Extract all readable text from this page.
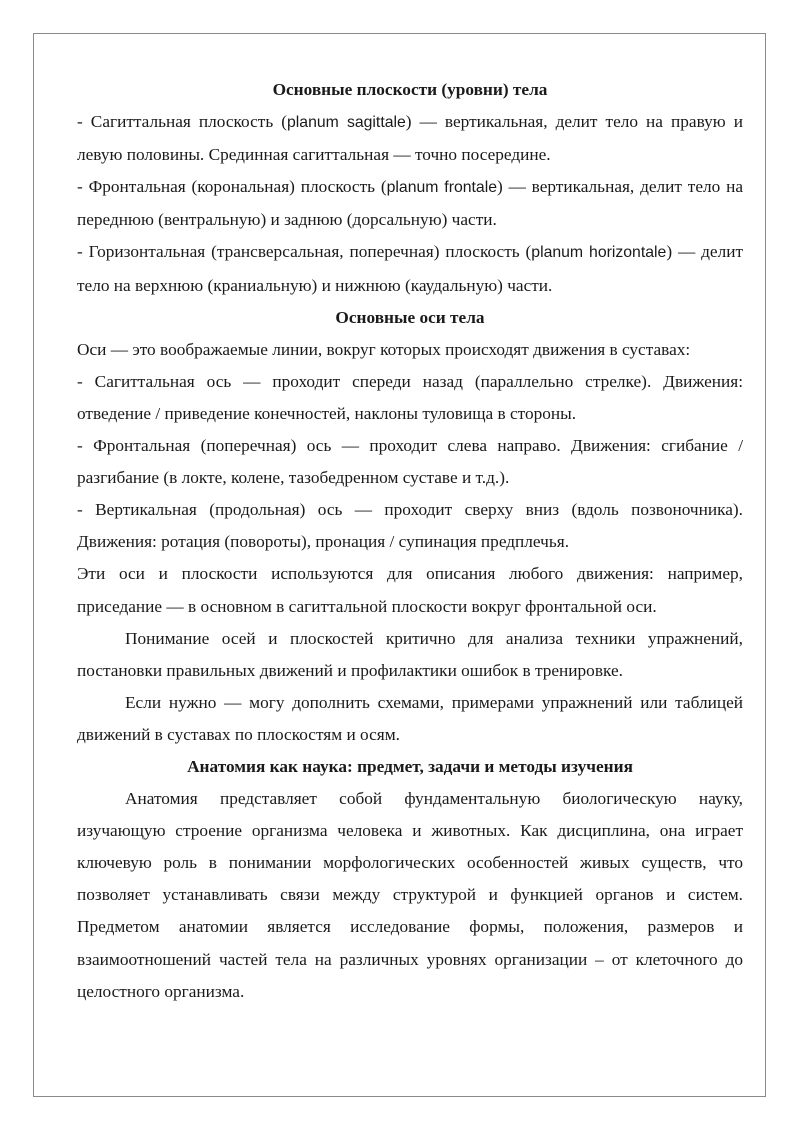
Основные плоскости (уровни) тела

- Сагиттальная плоскость (planum sagittale) — вертикальная, делит тело на правую и левую половины. Срединная сагиттальная — точно посередине.

- Фронтальная (корональная) плоскость (planum frontale) — вертикальная, делит тело на переднюю (вентральную) и заднюю (дорсальную) части.

- Горизонтальная (трансверсальная, поперечная) плоскость (planum horizontale) — делит тело на верхнюю (краниальную) и нижнюю (каудальную) части.

Основные оси тела

Оси — это воображаемые линии, вокруг которых происходят движения в суставах:

- Сагиттальная ось — проходит спереди назад (параллельно стрелке). Движения: отведение / приведение конечностей, наклоны туловища в стороны.

- Фронтальная (поперечная) ось — проходит слева направо. Движения: сгибание / разгибание (в локте, колене, тазобедренном суставе и т.д.).

- Вертикальная (продольная) ось — проходит сверху вниз (вдоль позвоночника). Движения: ротация (повороты), пронация / супинация предплечья.

Эти оси и плоскости используются для описания любого движения: например, приседание — в основном в сагиттальной плоскости вокруг фронтальной оси.

Понимание осей и плоскостей критично для анализа техники упражнений, постановки правильных движений и профилактики ошибок в тренировке.

Если нужно — могу дополнить схемами, примерами упражнений или таблицей движений в суставах по плоскостям и осям.

Анатомия как наука: предмет, задачи и методы изучения

Анатомия представляет собой фундаментальную биологическую науку, изучающую строение организма человека и животных. Как дисциплина, она играет ключевую роль в понимании морфологических особенностей живых существ, что позволяет устанавливать связи между структурой и функцией органов и систем. Предметом анатомии является исследование формы, положения, размеров и взаимоотношений частей тела на различных уровнях организации – от клеточного до целостного организма.
